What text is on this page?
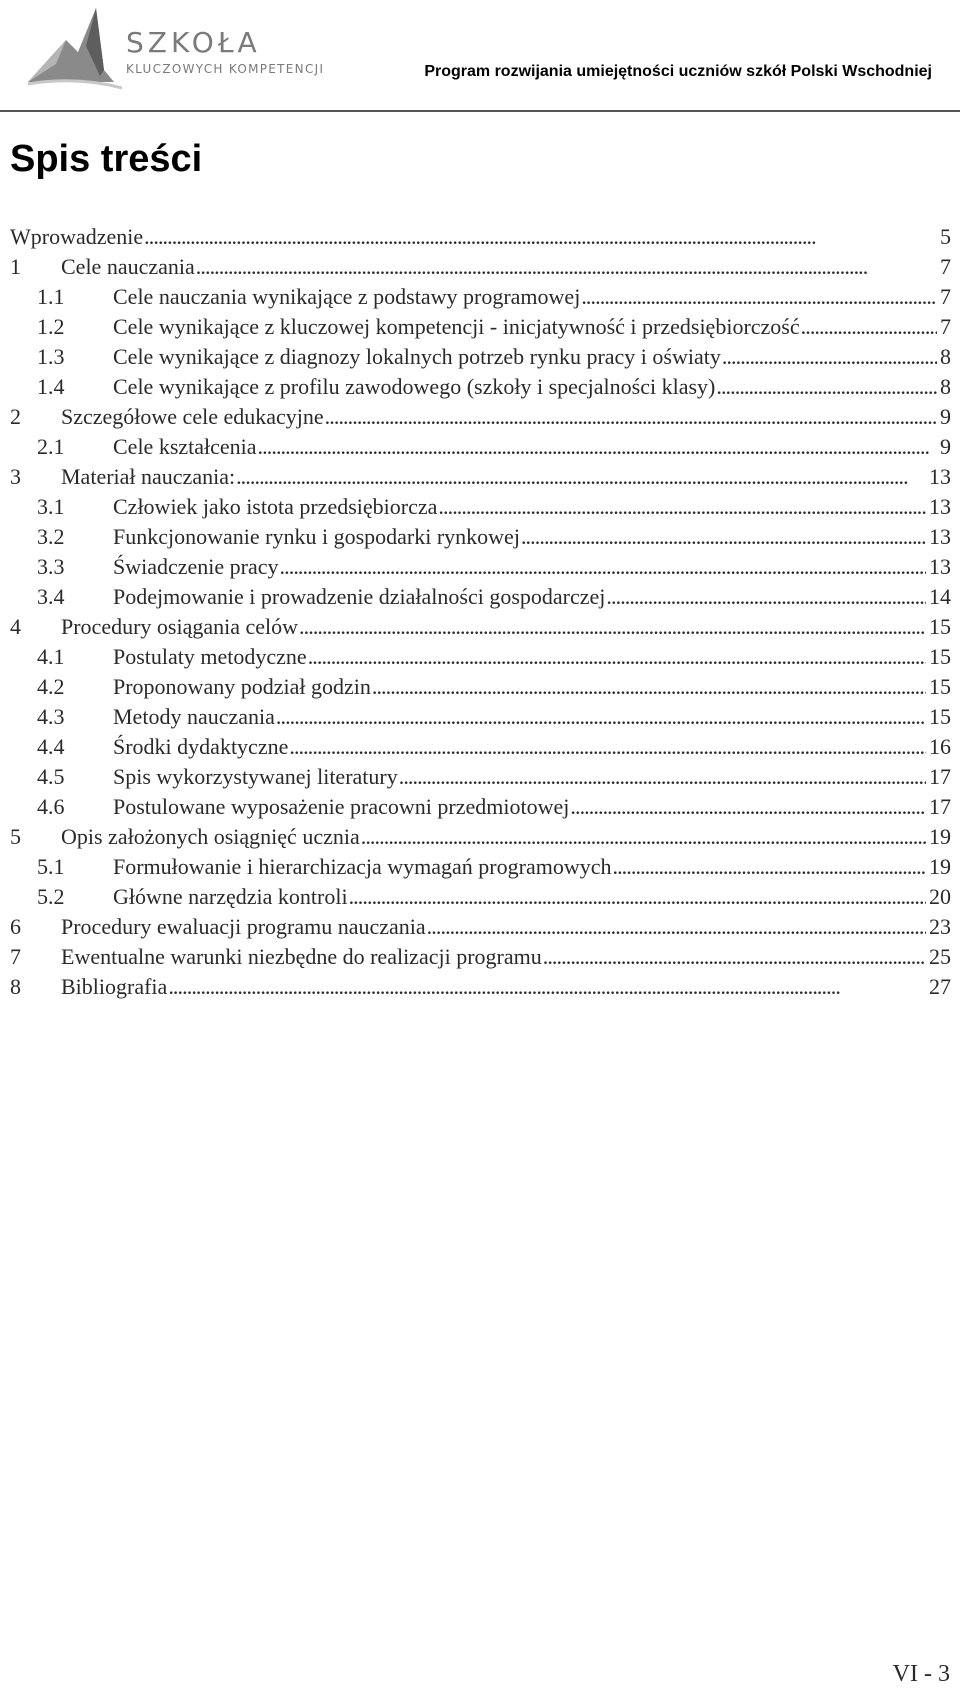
SZKOŁA
KLUCZOWYCH KOMPETENCJI	Program rozwijania umiejętności uczniów szkół Polski Wschodniej
Spis treści
Wprowadzenie . . .	5
1	Cele nauczania . . .	7
1.1	Cele nauczania wynikające z podstawy programowej . . .	7
1.2	Cele wynikające z kluczowej kompetencji - inicjatywność i przedsiębiorczość . . .	7
1.3	Cele wynikające z diagnozy lokalnych potrzeb rynku pracy i oświaty . . .	8
1.4	Cele wynikające z profilu zawodowego (szkoły i specjalności klasy) . . .	8
2	Szczegółowe cele edukacyjne . . .	9
2.1	Cele kształcenia . . .	9
3	Materiał nauczania: . . .	13
3.1	Człowiek jako istota przedsiębiorcza . . .	13
3.2	Funkcjonowanie rynku i gospodarki rynkowej . . .	13
3.3	Świadczenie pracy . . .	13
3.4	Podejmowanie i prowadzenie działalności gospodarczej . . .	14
4	Procedury osiągania celów . . .	15
4.1	Postulaty metodyczne . . .	15
4.2	Proponowany podział godzin . . .	15
4.3	Metody nauczania . . .	15
4.4	Środki dydaktyczne . . .	16
4.5	Spis wykorzystywanej literatury . . .	17
4.6	Postulowane wyposażenie pracowni przedmiotowej . . .	17
5	Opis założonych osiągnięć ucznia . . .	19
5.1	Formułowanie i hierarchizacja wymagań programowych . . .	19
5.2	Główne narzędzia kontroli . . .	20
6	Procedury ewaluacji programu nauczania . . .	23
7	Ewentualne warunki niezbędne do realizacji programu . . .	25
8	Bibliografia . . .	27
VI - 3
